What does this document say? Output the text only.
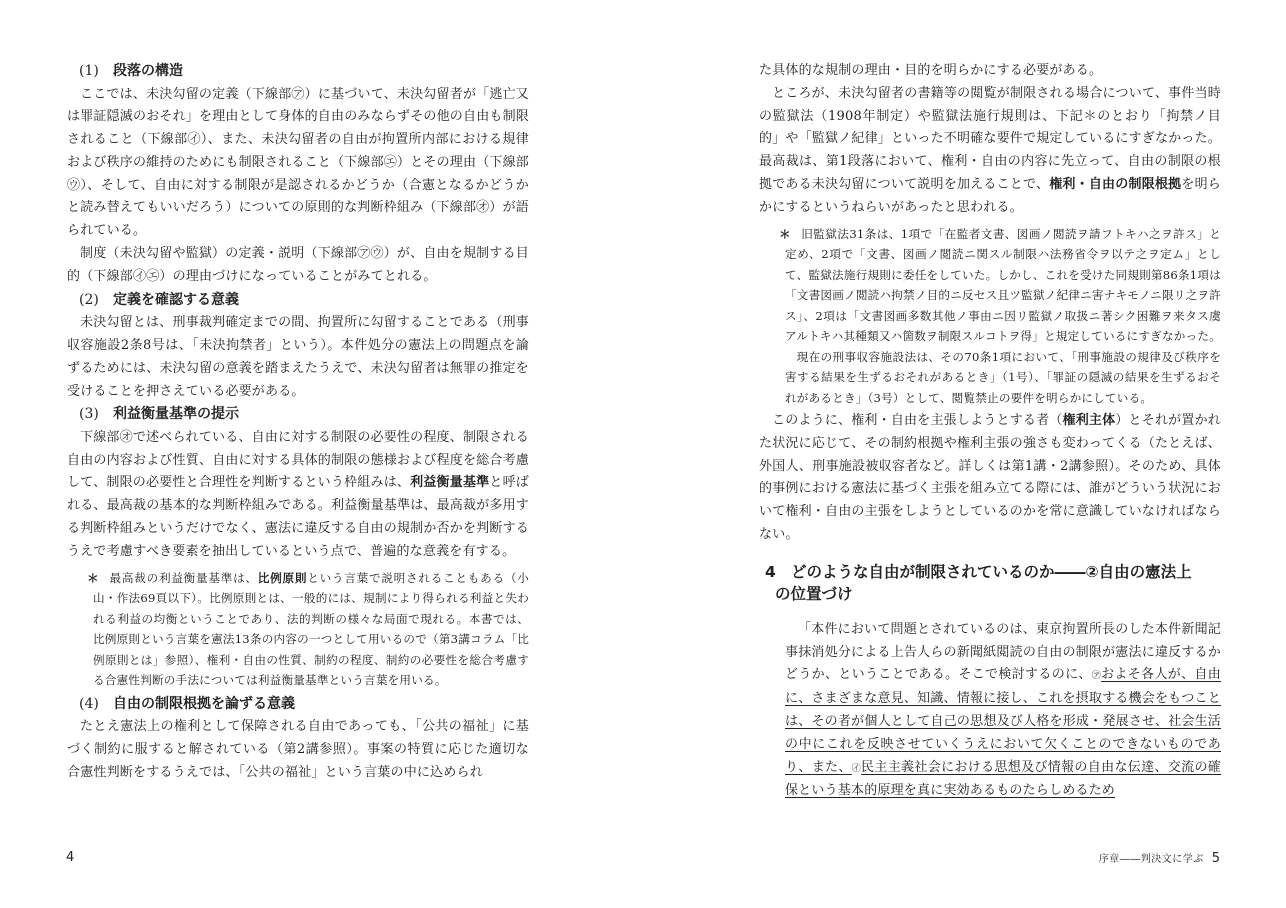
(1) 段落の構造

ここでは、未決勾留の定義（下線部㋐）に基づいて、未決勾留者が「逃亡又は罪証隠滅のおそれ」を理由として身体的自由のみならずその他の自由も制限されること（下線部㋑）、また、未決勾留者の自由が拘置所内部における規律および秩序の維持のためにも制限されること（下線部㋓）とその理由（下線部㋒）、そして、自由に対する制限が是認されるかどうか（合憲となるかどうかと読み替えてもいいだろう）についての原則的な判断枠組み（下線部㋔）が語られている。

制度（未決勾留や監獄）の定義・説明（下線部㋐㋒）が、自由を規制する目的（下線部㋑㋓）の理由づけになっていることがみてとれる。

(2) 定義を確認する意義

未決勾留とは、刑事裁判確定までの間、拘置所に勾留することである（刑事収容施設2条8号は、「未決拘禁者」という）。本件処分の憲法上の問題点を論ずるためには、未決勾留の意義を踏まえたうえで、未決勾留者は無罪の推定を受けることを押さえている必要がある。

(3) 利益衡量基準の提示

下線部㋔で述べられている、自由に対する制限の必要性の程度、制限される自由の内容および性質、自由に対する具体的制限の態様および程度を総合考慮して、制限の必要性と合理性を判断するという枠組みは、利益衡量基準と呼ばれる、最高裁の基本的な判断枠組みである。利益衡量基準は、最高裁が多用する判断枠組みというだけでなく、憲法に違反する自由の規制か否かを判断するうえで考慮すべき要素を抽出しているという点で、普遍的な意義を有する。

＊ 最高裁の利益衡量基準は、比例原則という言葉で説明されることもある（小山・作法69頁以下）。比例原則とは、一般的には、規制により得られる利益と失われる利益の均衡ということであり、法的判断の様々な局面で現れる。本書では、比例原則という言葉を憲法13条の内容の一つとして用いるので（第3講コラム「比例原則とは」参照）、権利・自由の性質、制約の程度、制約の必要性を総合考慮する合憲性判断の手法については利益衡量基準という言葉を用いる。
(4) 自由の制限根拠を論ずる意義

たとえ憲法上の権利として保障される自由であっても、「公共の福祉」に基づく制約に服すると解されている（第2講参照）。事案の特質に応じた適切な合憲性判断をするうえでは、「公共の福祉」という言葉の中に込められ

4

た具体的な規制の理由・目的を明らかにする必要がある。

ところが、未決勾留者の書籍等の閲覧が制限される場合について、事件当時の監獄法（1908年制定）や監獄法施行規則は、下記＊のとおり「拘禁ノ目的」や「監獄ノ紀律」といった不明確な要件で規定しているにすぎなかった。最高裁は、第1段落において、権利・自由の内容に先立って、自由の制限の根拠である未決勾留について説明を加えることで、権利・自由の制限根拠を明らかにするというねらいがあったと思われる。

＊ 旧監獄法31条は、1項で「在監者文書、図画ノ閲読ヲ請フトキハ之ヲ許ス」と定め、2項で「文書、図画ノ閲読ニ関スル制限ハ法務省令ヲ以テ之ヲ定ム」として、監獄法施行規則に委任をしていた。しかし、これを受けた同規則第86条1項は「文書図画ノ閲読ハ拘禁ノ目的ニ反セス且ツ監獄ノ紀律ニ害ナキモノニ限リ之ヲ許ス」、2項は「文書図画多数其他ノ事由ニ因リ監獄ノ取扱ニ著シク困難ヲ来タス虞アルトキハ其種類又ハ箇数ヲ制限スルコトヲ得」と規定しているにすぎなかった。

現在の刑事収容施設法は、その70条1項において、「刑事施設の規律及び秩序を害する結果を生ずるおそれがあるとき」（1号）、「罪証の隠滅の結果を生ずるおそれがあるとき」（3号）として、閲覧禁止の要件を明らかにしている。

このように、権利・自由を主張しようとする者（権利主体）とそれが置かれた状況に応じて、その制約根拠や権利主張の強さも変わってくる（たとえば、外国人、刑事施設被収容者など。詳しくは第1講・2講参照）。そのため、具体的事例における憲法に基づく主張を組み立てる際には、誰がどういう状況において権利・自由の主張をしようとしているのかを常に意識していなければならない。

4 どのような自由が制限されているのか――②自由の憲法上
の位置づけ

「本件において問題とされているのは、東京拘置所長のした本件新聞記事抹消処分による上告人らの新聞紙閲読の自由の制限が憲法に違反するかどうか、ということである。そこで検討するのに、㋐およそ各人が、自由に、さまざまな意見、知識、情報に接し、これを摂取する機会をもつことは、その者が個人として自己の思想及び人格を形成・発展させ、社会生活の中にこれを反映させていくうえにおいて欠くことのできないものであり、また、㋑民主主義社会における思想及び情報の自由な伝達、交流の確保という基本的原理を真に実効あるものたらしめるため

序章――判決文に学ぶ 5
